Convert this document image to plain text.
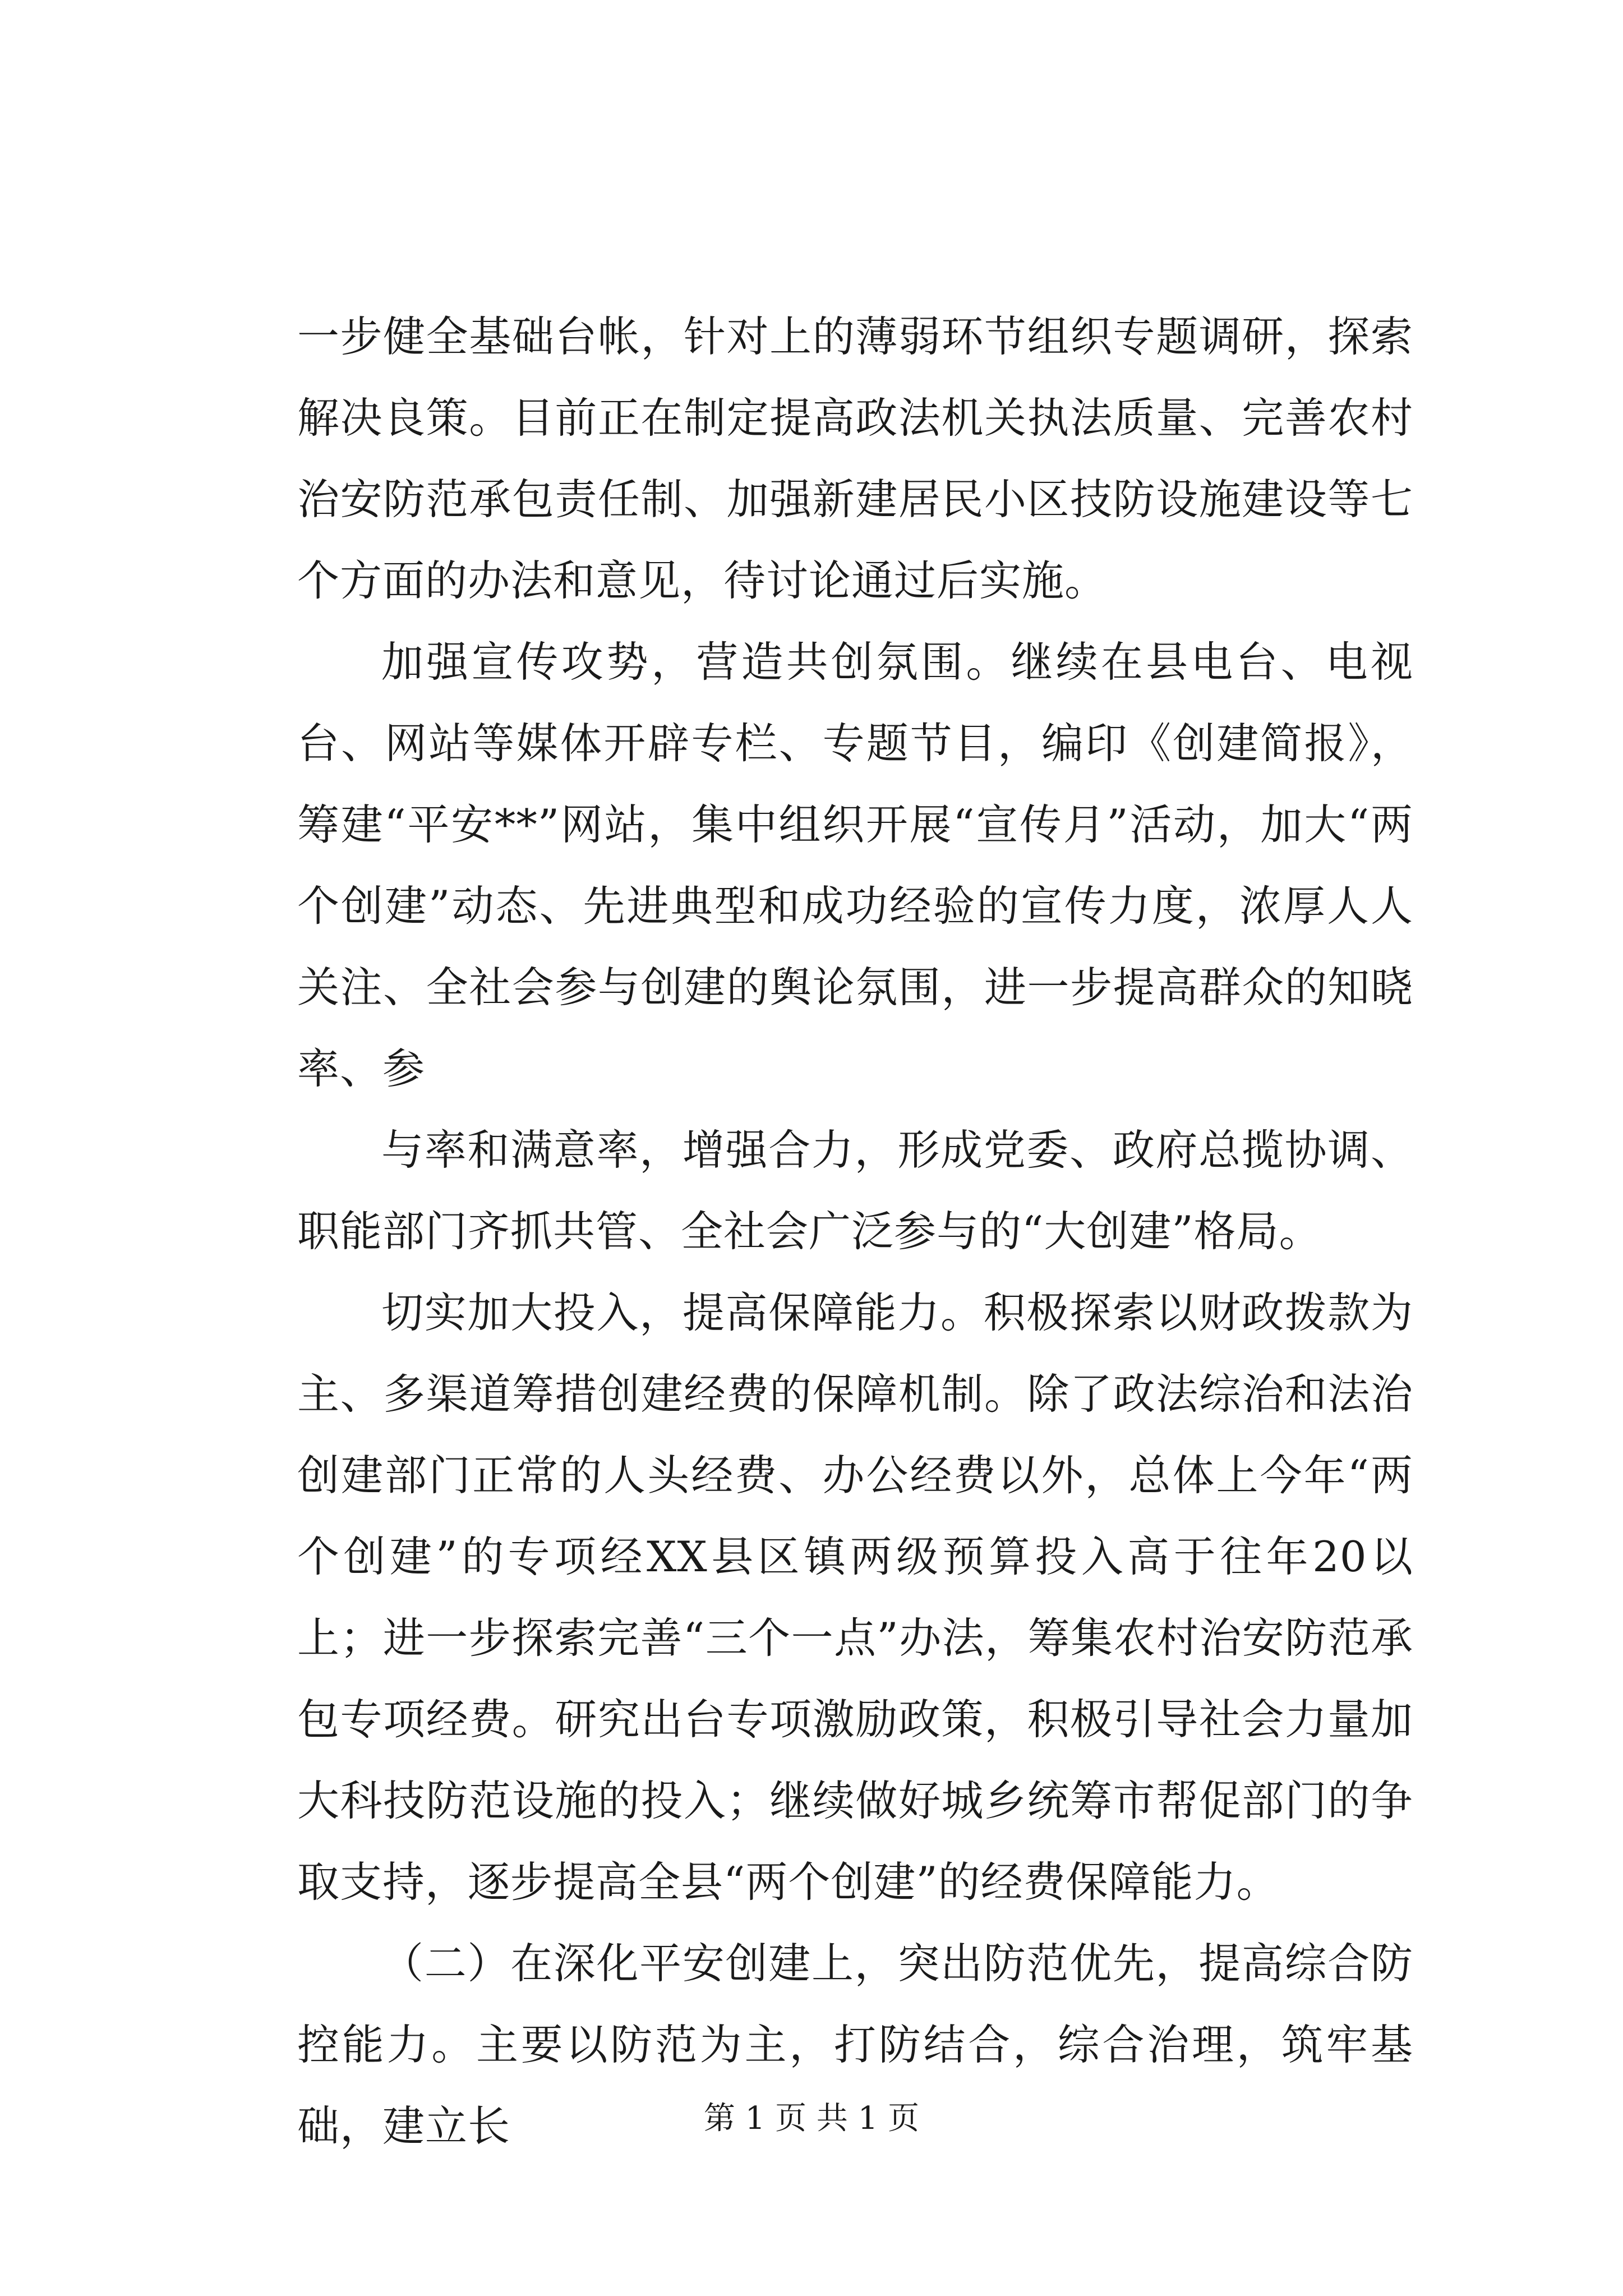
一步健全基础台帐，针对上的薄弱环节组织专题调研，探索解决良策。目前正在制定提高政法机关执法质量、完善农村治安防范承包责任制、加强新建居民小区技防设施建设等七个方面的办法和意见，待讨论通过后实施。

加强宣传攻势，营造共创氛围。继续在县电台、电视台、网站等媒体开辟专栏、专题节目，编印《创建简报》，筹建“平安**”网站，集中组织开展“宣传月”活动，加大“两个创建”动态、先进典型和成功经验的宣传力度，浓厚人人关注、全社会参与创建的舆论氛围，进一步提高群众的知晓率、参

与率和满意率，增强合力，形成党委、政府总揽协调、职能部门齐抓共管、全社会广泛参与的“大创建”格局。

切实加大投入，提高保障能力。积极探索以财政拨款为主、多渠道筹措创建经费的保障机制。除了政法综治和法治创建部门正常的人头经费、办公经费以外，总体上今年“两个创建”的专项经XX县区镇两级预算投入高于往年20以上；进一步探索完善“三个一点”办法，筹集农村治安防范承包专项经费。研究出台专项激励政策，积极引导社会力量加大科技防范设施的投入；继续做好城乡统筹市帮促部门的争取支持，逐步提高全县“两个创建”的经费保障能力。

（二）在深化平安创建上，突出防范优先，提高综合防控能力。主要以防范为主，打防结合，综合治理，筑牢基础，建立长	第 1 页 共 1 页
